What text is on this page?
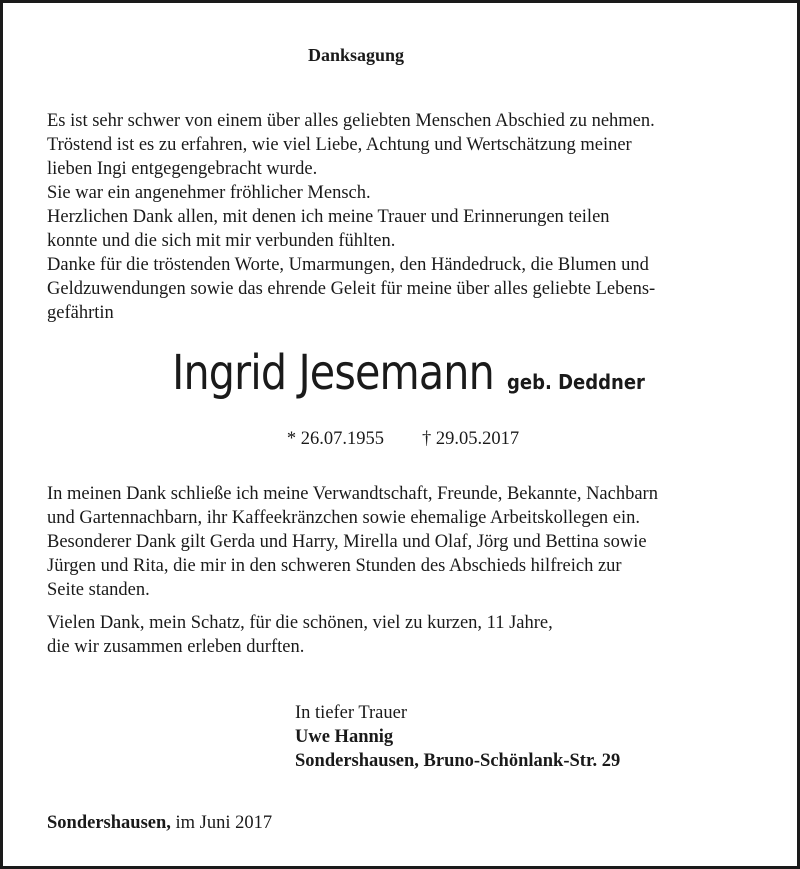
Danksagung
Es ist sehr schwer von einem über alles geliebten Menschen Abschied zu nehmen.
Tröstend ist es zu erfahren, wie viel Liebe, Achtung und Wertschätzung meiner
lieben Ingi entgegengebracht wurde.
Sie war ein angenehmer fröhlicher Mensch.
Herzlichen Dank allen, mit denen ich meine Trauer und Erinnerungen teilen
konnte und die sich mit mir verbunden fühlten.
Danke für die tröstenden Worte, Umarmungen, den Händedruck, die Blumen und
Geldzuwendungen sowie das ehrende Geleit für meine über alles geliebte Lebens-
gefährtin
Ingrid Jesemann geb. Deddner
* 26.07.1955 † 29.05.2017
In meinen Dank schließe ich meine Verwandtschaft, Freunde, Bekannte, Nachbarn
und Gartennachbarn, ihr Kaffeekränzchen sowie ehemalige Arbeitskollegen ein.
Besonderer Dank gilt Gerda und Harry, Mirella und Olaf, Jörg und Bettina sowie
Jürgen und Rita, die mir in den schweren Stunden des Abschieds hilfreich zur
Seite standen.
Vielen Dank, mein Schatz, für die schönen, viel zu kurzen, 11 Jahre,
die wir zusammen erleben durften.
In tiefer Trauer
Uwe Hannig
Sondershausen, Bruno-Schönlank-Str. 29
Sondershausen, im Juni 2017
